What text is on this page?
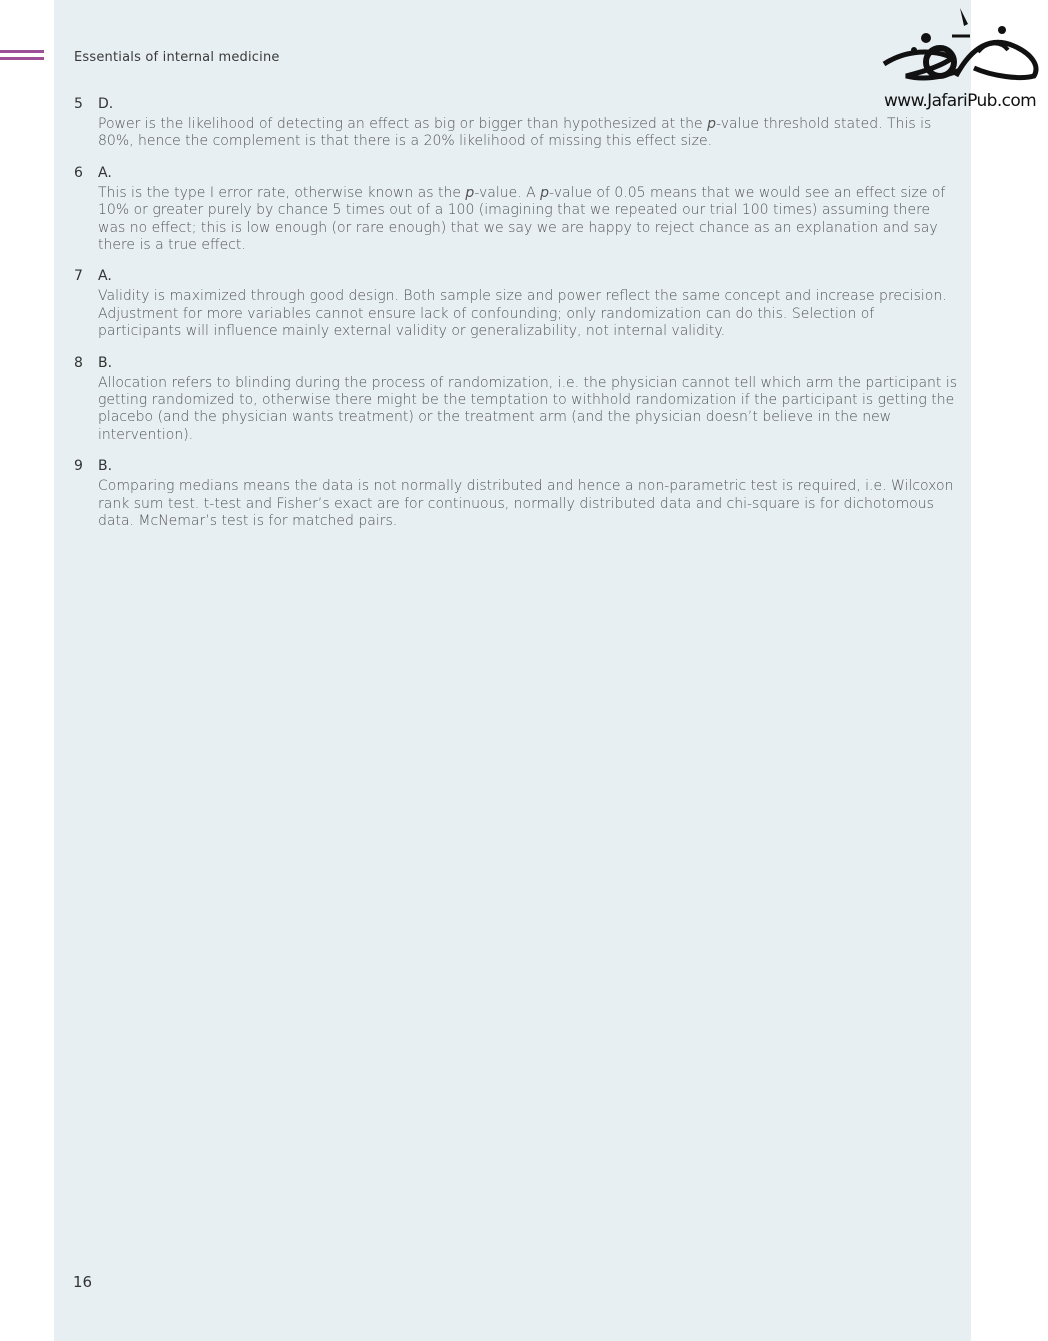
Essentials of internal medicine
www.JafariPub.com
5	D.
Power is the likelihood of detecting an effect as big or bigger than hypothesized at the p-value threshold stated. This is 80%, hence the complement is that there is a 20% likelihood of missing this effect size.
6	A.
This is the type I error rate, otherwise known as the p-value. A p-value of 0.05 means that we would see an effect size of 10% or greater purely by chance 5 times out of a 100 (imagining that we repeated our trial 100 times) assuming there was no effect; this is low enough (or rare enough) that we say we are happy to reject chance as an explanation and say there is a true effect.
7	A.
Validity is maximized through good design. Both sample size and power reflect the same concept and increase precision. Adjustment for more variables cannot ensure lack of confounding; only randomization can do this. Selection of participants will influence mainly external validity or generalizability, not internal validity.
8	B.
Allocation refers to blinding during the process of randomization, i.e. the physician cannot tell which arm the participant is getting randomized to, otherwise there might be the temptation to withhold randomization if the participant is getting the placebo (and the physician wants treatment) or the treatment arm (and the physician doesn’t believe in the new intervention).
9	B.
Comparing medians means the data is not normally distributed and hence a non-parametric test is required, i.e. Wilcoxon rank sum test. t-test and Fisher’s exact are for continuous, normally distributed data and chi-square is for dichotomous data. McNemar’s test is for matched pairs.
16
